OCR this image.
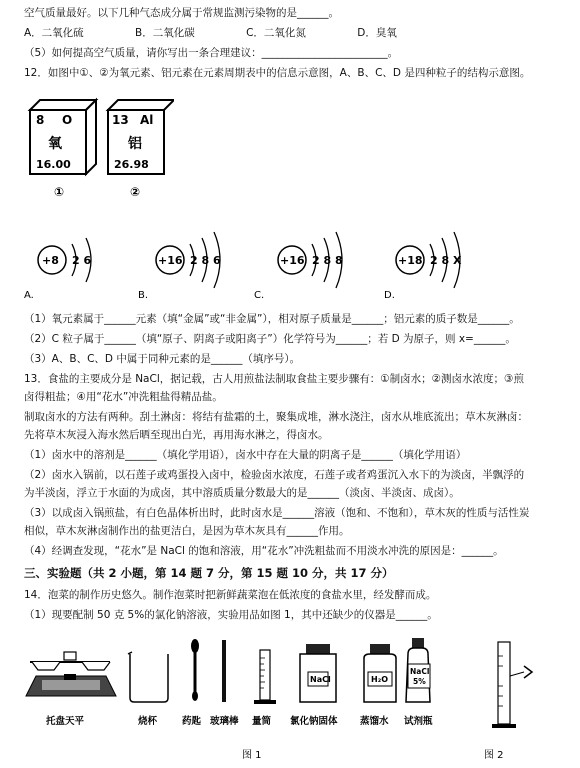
空气质量最好。以下几种气态成分属于常规监测污染物的是______。
A．二氧化硫	B．二氧化碳	C．二氧化氮	D．臭氧
（5）如何提高空气质量，请你写出一条合理建议：________________________。
12．如图中①、②为氧元素、铝元素在元素周期表中的信息示意图，A、B、C、D 是四种粒子的结构示意图。
8 O
氧
16.00
①
13 Al
铝
26.98
②
+8 2 6
A.
+16 2 8 6
B.
+16 2 8 8
C.
+18 2 8 X
D.
（1）氧元素属于______元素（填“金属”或“非金属”），相对原子质量是______；铝元素的质子数是______。
（2）C 粒子属于______（填“原子、阴离子或阳离子”）化学符号为______；若 D 为原子，则 x=______。
（3）A、B、C、D 中属于同种元素的是______（填序号）。
13．食盐的主要成分是 NaCl，据记载，古人用煎盐法制取食盐主要步骤有：①制卤水；②测卤水浓度；③煎
卤得粗盐；④用“花水”冲洗粗盐得精品盐。
制取卤水的方法有两种。刮土淋卤：将结有盐霜的土，聚集成堆，淋水浇注，卤水从堆底流出；草木灰淋卤：
先将草木灰浸入海水然后晒至现出白光，再用海水淋之，得卤水。
（1）卤水中的溶剂是______（填化学用语），卤水中存在大量的阴离子是______（填化学用语）
（2）卤水入锅前，以石莲子或鸡蛋投入卤中，检验卤水浓度，石莲子或者鸡蛋沉入水下的为淡卤，半飘浮的
为半淡卤，浮立于水面的为成卤，其中溶质质量分数最大的是______（淡卤、半淡卤、成卤）。
（3）以成卤入锅煎盐，有白色晶体析出时，此时卤水是______溶液（饱和、不饱和），草木灰的性质与活性炭
相似，草木灰淋卤制作出的盐更洁白，是因为草木灰具有______作用。
（4）经调查发现，“花水”是 NaCl 的饱和溶液，用“花水”冲洗粗盐而不用淡水冲洗的原因是：______。
三、实验题（共 2 小题，第 14 题 7 分，第 15 题 10 分，共 17 分）
14．泡菜的制作历史悠久。制作泡菜时把新鲜蔬菜泡在低浓度的食盐水里，经发酵而成。
（1）现要配制 50 克 5%的氯化钠溶液，实验用品如图 1，其中还缺少的仪器是______。
NaCl	H₂O
NaCl
5%
托盘天平	烧杯	药匙 玻璃棒 量筒 氯化钠固体 蒸馏水 试剂瓶
图 1	图 2
